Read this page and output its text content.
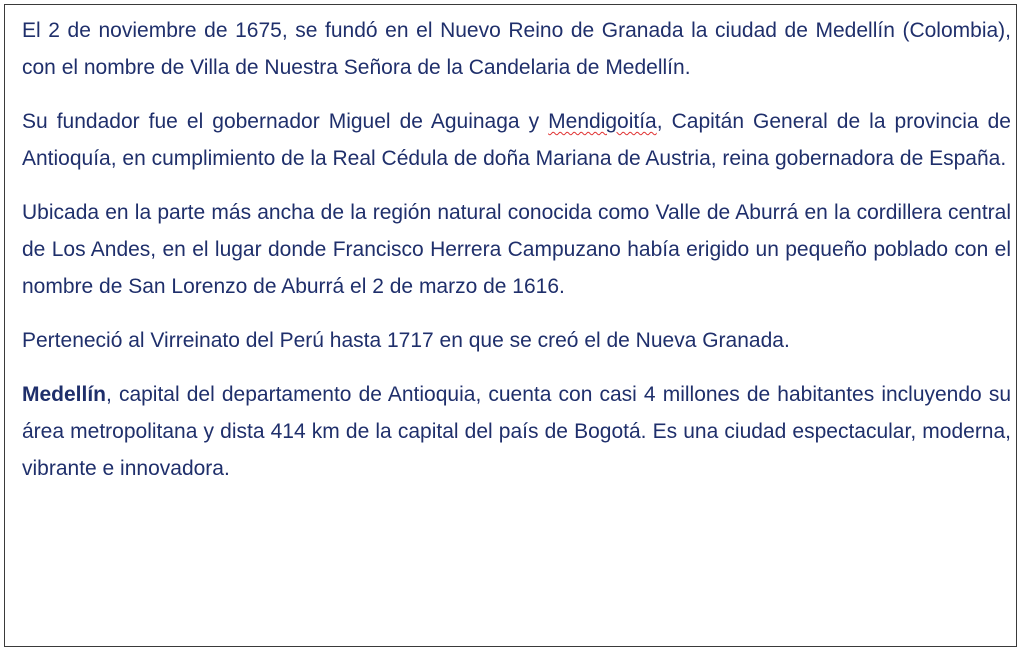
El 2 de noviembre de 1675, se fundó en el Nuevo Reino de Granada la ciudad de Medellín (Colombia), con el nombre de Villa de Nuestra Señora de la Candelaria de Medellín.

Su fundador fue el gobernador Miguel de Aguinaga y Mendigoitía, Capitán General de la provincia de Antioquía, en cumplimiento de la Real Cédula de doña Mariana de Austria, reina gobernadora de España.

Ubicada en la parte más ancha de la región natural conocida como Valle de Aburrá en la cordillera central de Los Andes, en el lugar donde Francisco Herrera Campuzano había erigido un pequeño poblado con el nombre de San Lorenzo de Aburrá el 2 de marzo de 1616.

Perteneció al Virreinato del Perú hasta 1717 en que se creó el de Nueva Granada.

Medellín, capital del departamento de Antioquia, cuenta con casi 4 millones de habitantes incluyendo su área metropolitana y dista 414 km de la capital del país de Bogotá. Es una ciudad espectacular, moderna, vibrante e innovadora.
